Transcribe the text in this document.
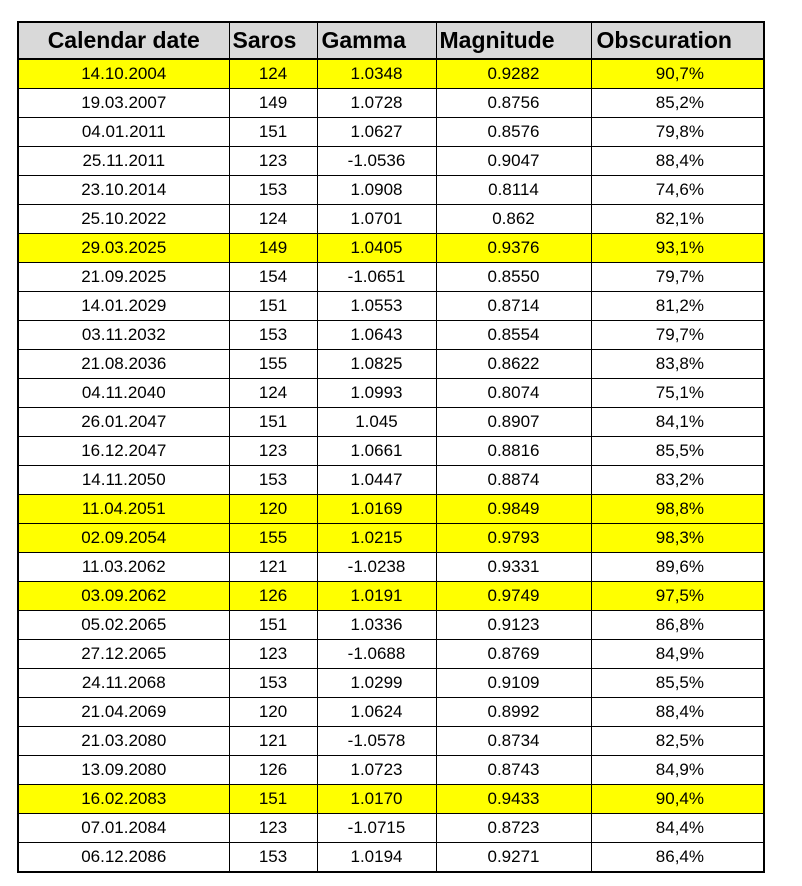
Calendar date	Saros	Gamma	Magnitude	Obscuration
14.10.2004	124	1.0348	0.9282	90,7%
19.03.2007	149	1.0728	0.8756	85,2%
04.01.2011	151	1.0627	0.8576	79,8%
25.11.2011	123	-1.0536	0.9047	88,4%
23.10.2014	153	1.0908	0.8114	74,6%
25.10.2022	124	1.0701	0.862	82,1%
29.03.2025	149	1.0405	0.9376	93,1%
21.09.2025	154	-1.0651	0.8550	79,7%
14.01.2029	151	1.0553	0.8714	81,2%
03.11.2032	153	1.0643	0.8554	79,7%
21.08.2036	155	1.0825	0.8622	83,8%
04.11.2040	124	1.0993	0.8074	75,1%
26.01.2047	151	1.045	0.8907	84,1%
16.12.2047	123	1.0661	0.8816	85,5%
14.11.2050	153	1.0447	0.8874	83,2%
11.04.2051	120	1.0169	0.9849	98,8%
02.09.2054	155	1.0215	0.9793	98,3%
11.03.2062	121	-1.0238	0.9331	89,6%
03.09.2062	126	1.0191	0.9749	97,5%
05.02.2065	151	1.0336	0.9123	86,8%
27.12.2065	123	-1.0688	0.8769	84,9%
24.11.2068	153	1.0299	0.9109	85,5%
21.04.2069	120	1.0624	0.8992	88,4%
21.03.2080	121	-1.0578	0.8734	82,5%
13.09.2080	126	1.0723	0.8743	84,9%
16.02.2083	151	1.0170	0.9433	90,4%
07.01.2084	123	-1.0715	0.8723	84,4%
06.12.2086	153	1.0194	0.9271	86,4%
